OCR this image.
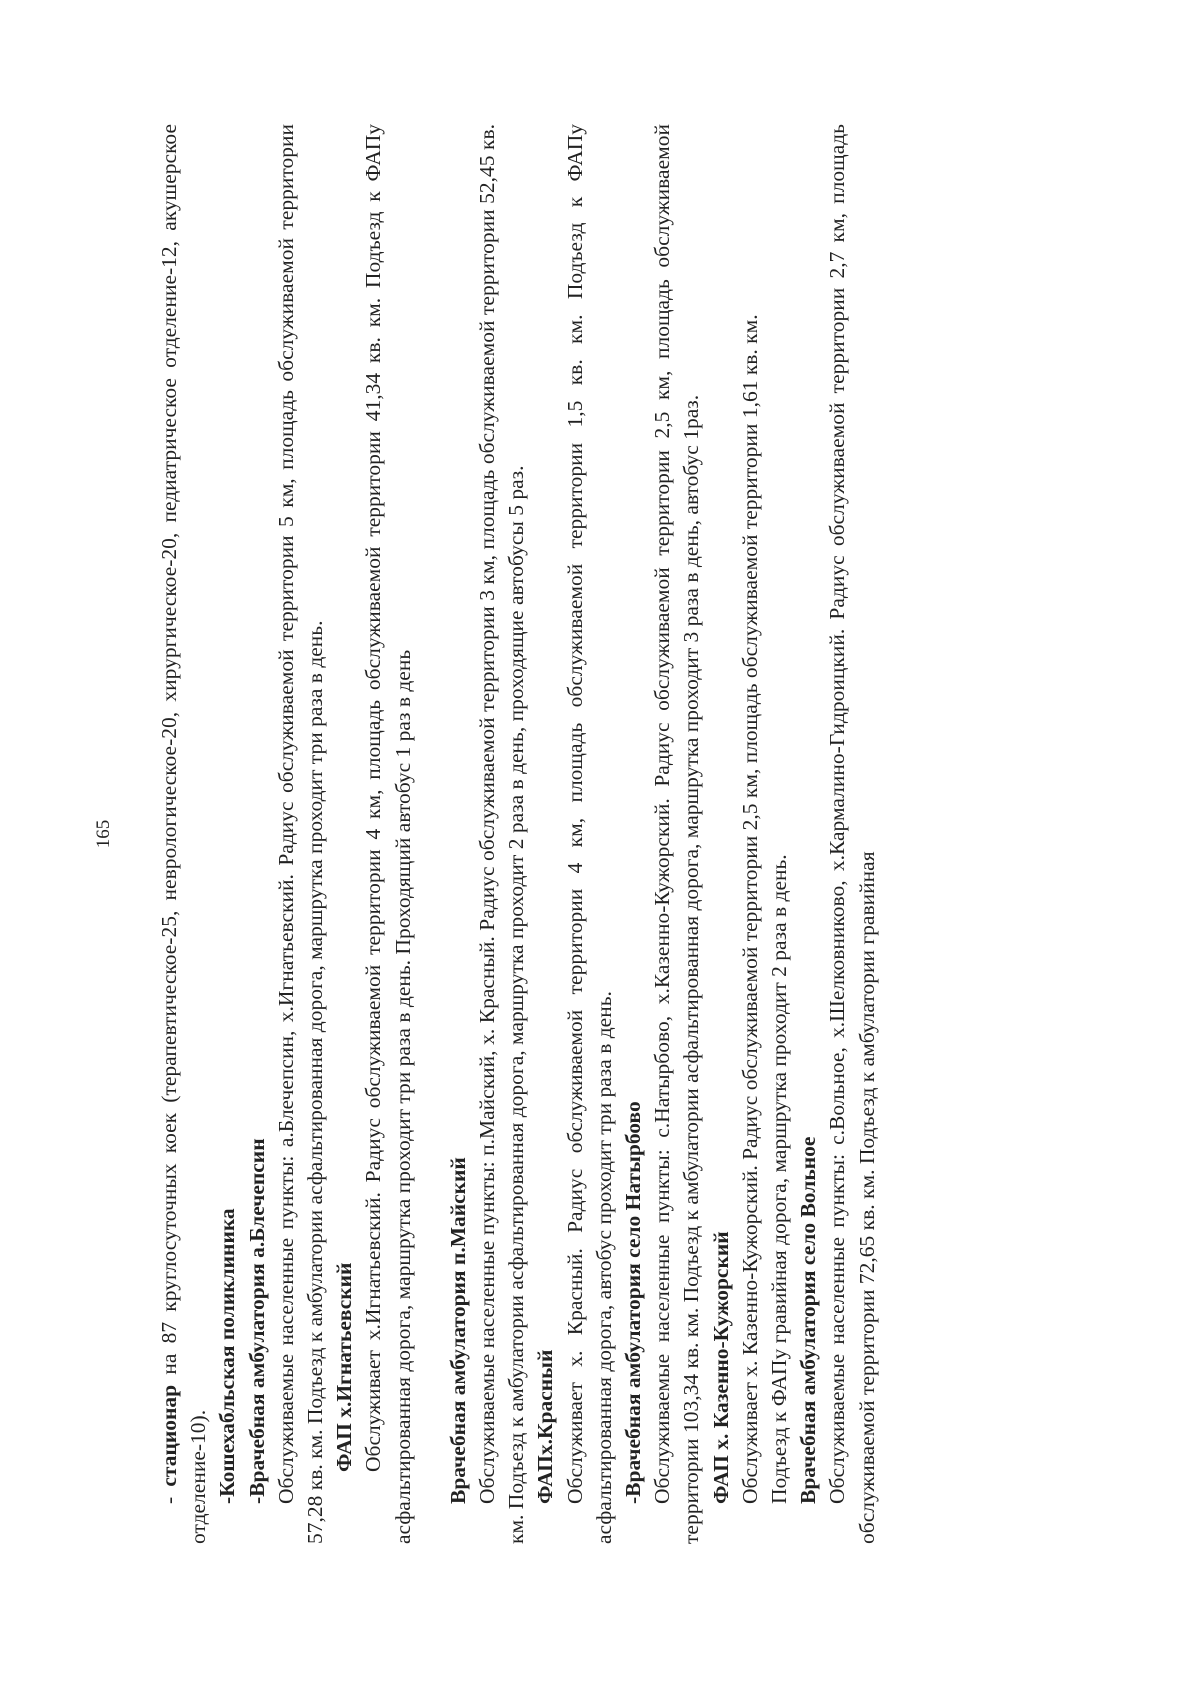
165

- стационар на 87 круглосуточных коек (терапевтическое-25, неврологическое-20, хирургическое-20, педиатрическое отделение-12, акушерское отделение-10). -Кошехабльская поликлиника -Врачебная амбулатория а.Блечепсин Обслуживаемые населенные пункты: а.Блечепсин, х.Игнатьевский. Радиус обслуживаемой территории 5 км, площадь обслуживаемой территории 57,28 кв. км. Подъезд к амбулатории асфальтированная дорога, маршрутка проходит три раза в день. ФАП х.Игнатьевский Обслуживает х.Игнатьевский. Радиус обслуживаемой территории 4 км, площадь обслуживаемой территории 41,34 кв. км. Подъезд к ФАПу асфальтированная дорога, маршрутка проходит три раза в день. Проходящий автобус 1 раз в день Врачебная амбулатория п.Майский Обслуживаемые населенные пункты: п.Майский, х. Красный. Радиус обслуживаемой территории 3 км, площадь обслуживаемой территории 52,45 кв. км. Подъезд к амбулатории асфальтированная дорога, маршрутка проходит 2 раза в день, проходящие автобусы 5 раз. ФАПх.Красный Обслуживает х. Красный. Радиус обслуживаемой территории 4 км, площадь обслуживаемой территории 1,5 кв. км. Подъезд к ФАПу асфальтированная дорога, автобус проходит три раза в день. -Врачебная амбулатория село Натырбово Обслуживаемые населенные пункты: с.Натырбово, х.Казенно-Кужорский. Радиус обслуживаемой территории 2,5 км, площадь обслуживаемой территории 103,34 кв. км. Подъезд к амбулатории асфальтированная дорога, маршрутка проходит 3 раза в день, автобус 1раз. ФАП х. Казенно-Кужорский Обслуживает х. Казенно-Кужорский. Радиус обслуживаемой территории 2,5 км, площадь обслуживаемой территории 1,61 кв. км. Подъезд к ФАПу гравийная дорога, маршрутка проходит 2 раза в день. Врачебная амбулатория село Вольное Обслуживаемые населенные пункты: с.Вольное, х.Шелковниково, х.Кармалино-Гидроицкий. Радиус обслуживаемой территории 2,7 км, площадь обслуживаемой территории 72,65 кв. км. Подъезд к амбулатории гравийная
